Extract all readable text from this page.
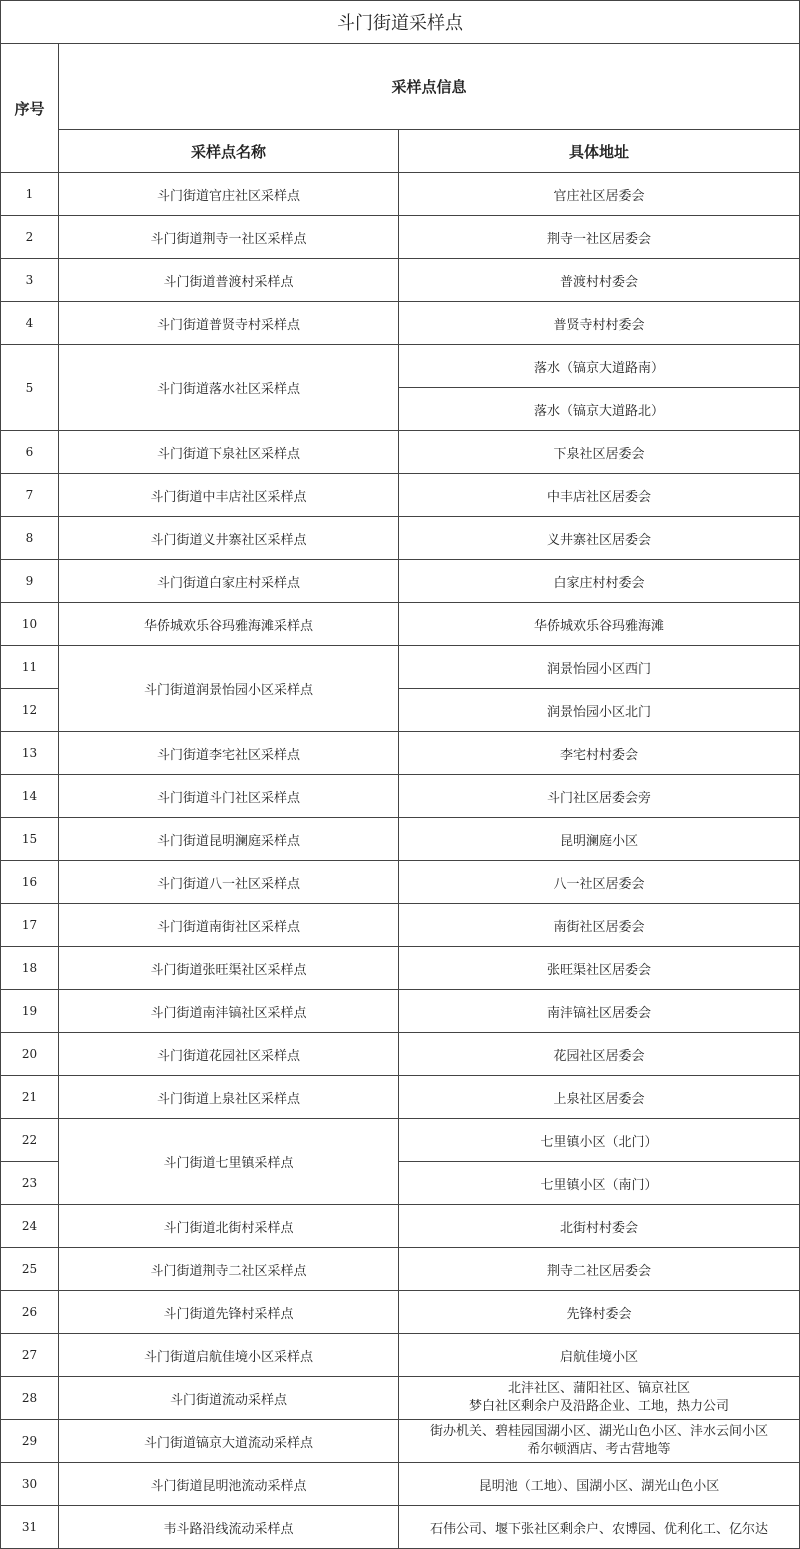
斗门街道采样点		
序号	采样点信息	
	采样点名称	具体地址
1	斗门街道官庄社区采样点	官庄社区居委会
2	斗门街道荆寺一社区采样点	荆寺一社区居委会
3	斗门街道普渡村采样点	普渡村村委会
4	斗门街道普贤寺村采样点	普贤寺村村委会
5	斗门街道落水社区采样点	落水（镐京大道路南）
		落水（镐京大道路北）
6	斗门街道下泉社区采样点	下泉社区居委会
7	斗门街道中丰店社区采样点	中丰店社区居委会
8	斗门街道义井寨社区采样点	义井寨社区居委会
9	斗门街道白家庄村采样点	白家庄村村委会
10	华侨城欢乐谷玛雅海滩采样点	华侨城欢乐谷玛雅海滩
11	斗门街道润景怡园小区采样点	润景怡园小区西门
12		润景怡园小区北门
13	斗门街道李宅社区采样点	李宅村村委会
14	斗门街道斗门社区采样点	斗门社区居委会旁
15	斗门街道昆明澜庭采样点	昆明澜庭小区
16	斗门街道八一社区采样点	八一社区居委会
17	斗门街道南街社区采样点	南街社区居委会
18	斗门街道张旺渠社区采样点	张旺渠社区居委会
19	斗门街道南沣镐社区采样点	南沣镐社区居委会
20	斗门街道花园社区采样点	花园社区居委会
21	斗门街道上泉社区采样点	上泉社区居委会
22	斗门街道七里镇采样点	七里镇小区（北门）
23		七里镇小区（南门）
24	斗门街道北街村采样点	北街村村委会
25	斗门街道荆寺二社区采样点	荆寺二社区居委会
26	斗门街道先锋村采样点	先锋村委会
27	斗门街道启航佳境小区采样点	启航佳境小区
28	斗门街道流动采样点	北沣社区、蒲阳社区、镐京社区
梦白社区剩余户及沿路企业、工地，热力公司

29	斗门街道镐京大道流动采样点	街办机关、碧桂园国湖小区、湖光山色小区、沣水云间小区
希尔顿酒店、考古营地等

30	斗门街道昆明池流动采样点	昆明池（工地）、国湖小区、湖光山色小区
31	韦斗路沿线流动采样点	石伟公司、堰下张社区剩余户、农博园、优利化工、亿尔达
